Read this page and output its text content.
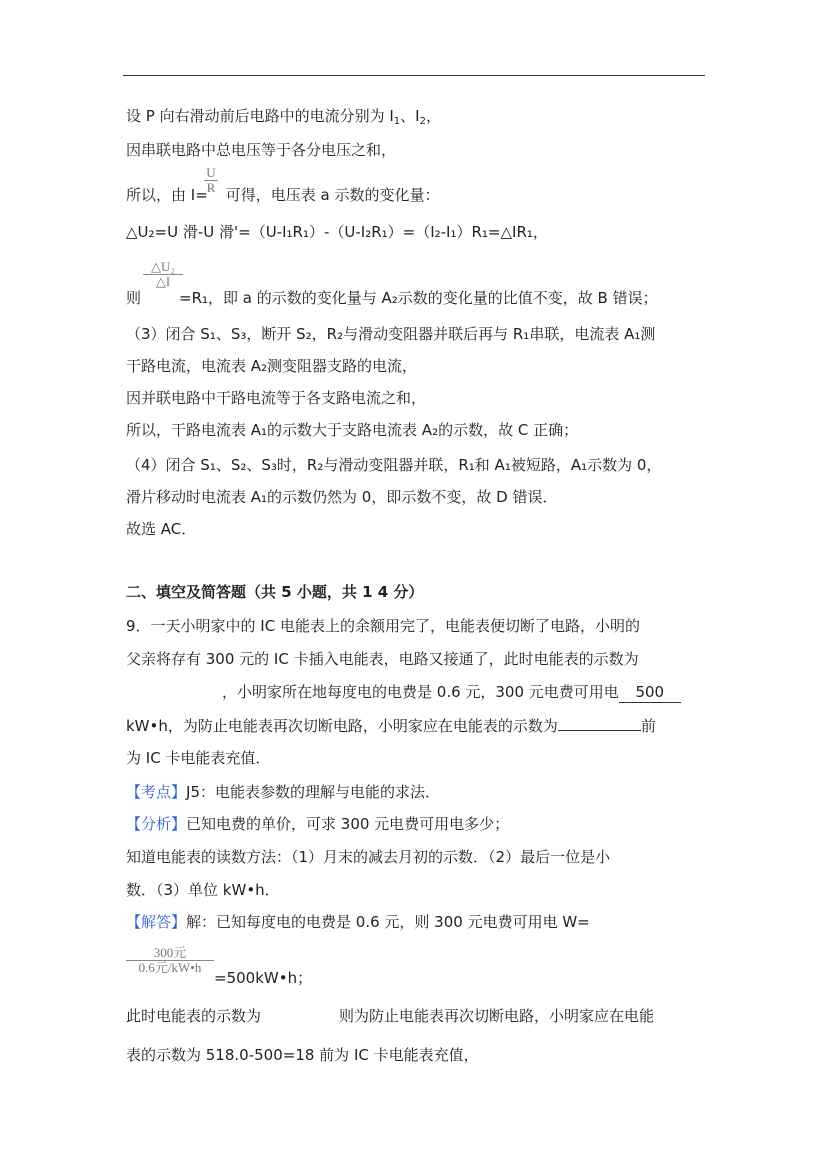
设 P 向右滑动前后电路中的电流分别为 $I_1$、$I_2$，
因串联电路中总电压等于各分电压之和，
U
R
所以，由 I= 可得，电压表 a 示数的变化量：
△U₂=U 滑-U 滑'=（U-I₁R₁）-（U-I₂R₁）=（I₂-I₁）R₁=△IR₁，
△U₂
△I
则	=R₁，即 a 的示数的变化量与 A₂示数的变化量的比值不变，故 B 错误；
（3）闭合 S₁、S₃，断开 S₂，R₂与滑动变阻器并联后再与 R₁串联，电流表 A₁测
干路电流，电流表 A₂测变阻器支路的电流，
因并联电路中干路电流等于各支路电流之和，
所以，干路电流表 A₁的示数大于支路电流表 A₂的示数，故 C 正确；
（4）闭合 S₁、S₂、S₃时，R₂与滑动变阻器并联，R₁和 A₁被短路，A₁示数为 0，
滑片移动时电流表 A₁的示数仍然为 0，即示数不变，故 D 错误．
故选 AC．
二、填空及简答题（共 5 小题，共 1 4 分）
9．一天小明家中的 IC 电能表上的余额用完了，电能表便切断了电路，小明的
父亲将存有 300 元的 IC 卡插入电能表，电路又接通了，此时电能表的示数为
，小明家所在地每度电的电费是 0.6 元，300 元电费可用电 500
kW•h，为防止电能表再次切断电路，小明家应在电能表的示数为	前
为 IC 卡电能表充值．
【考点】J5：电能表参数的理解与电能的求法．
【分析】已知电费的单价，可求 300 元电费可用电多少；
知道电能表的读数方法：（1）月末的减去月初的示数．（2）最后一位是小
数．（3）单位 kW•h．
【解答】解：已知每度电的电费是 0.6 元，则 300 元电费可用电 W=
300元
0.6元/kW•h
=500kW•h；
此时电能表的示数为	则为防止电能表再次切断电路，小明家应在电能
表的示数为 518.0-500=18 前为 IC 卡电能表充值，
